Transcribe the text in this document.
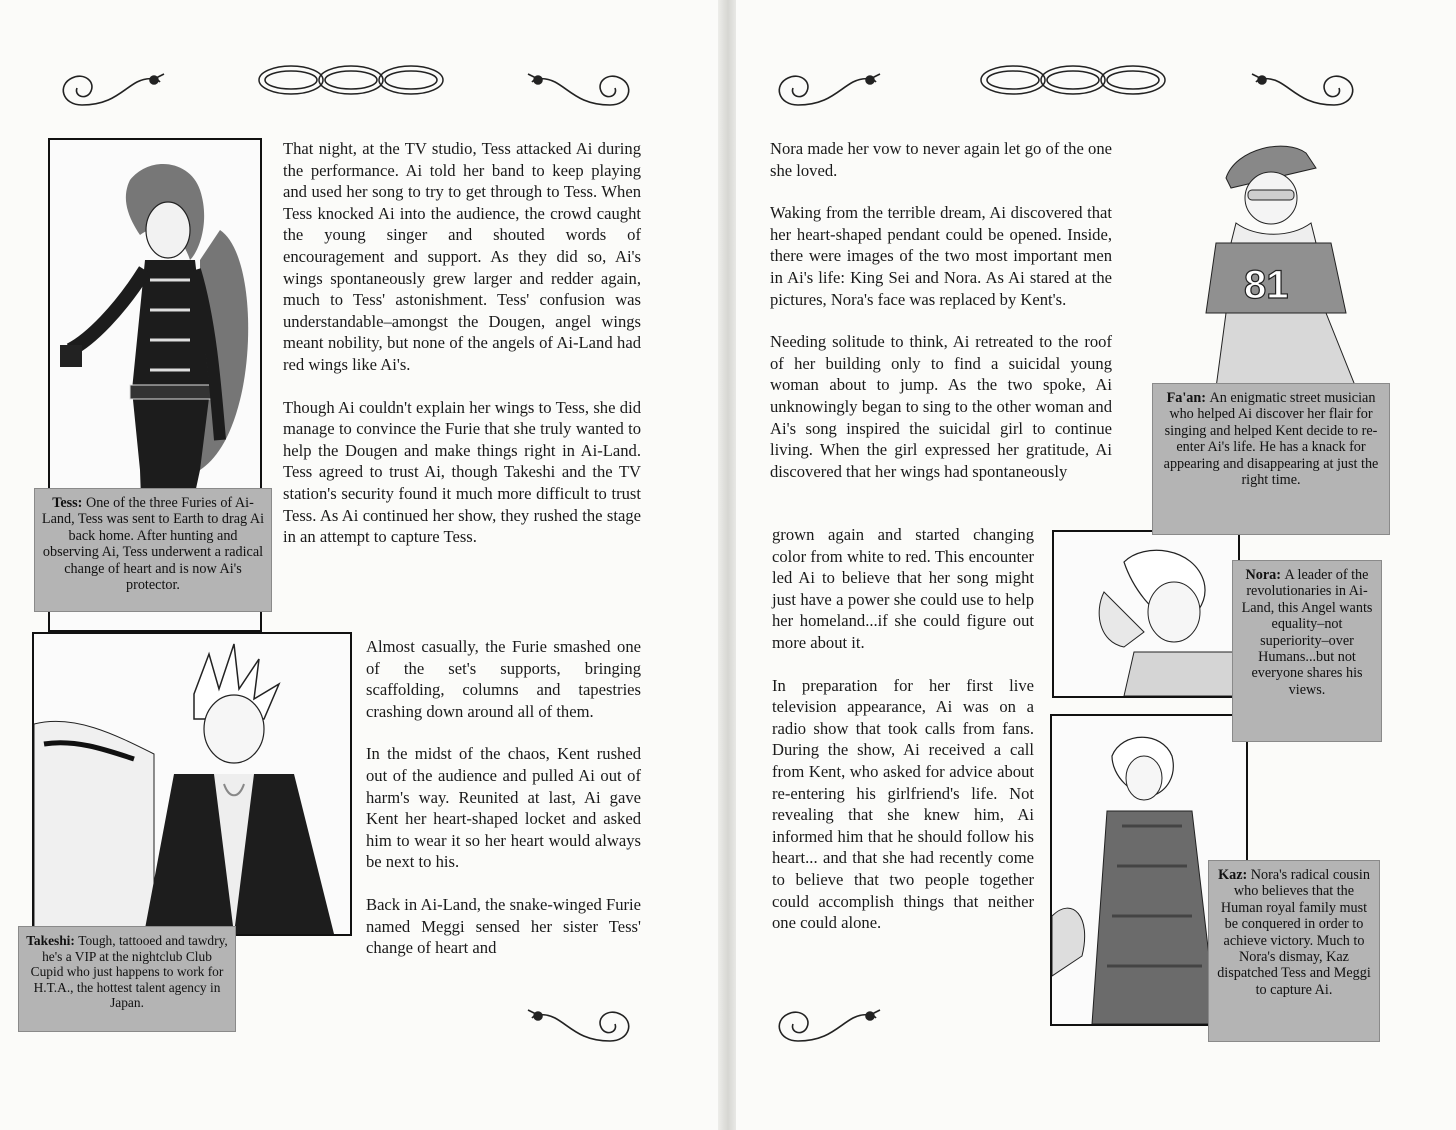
Tess: One of the three Furies of Ai-Land, Tess was sent to Earth to drag Ai back home. After hunting and observing Ai, Tess underwent a radical change of heart and is now Ai's protector.
Takeshi: Tough, tattooed and tawdry, he's a VIP at the nightclub Club Cupid who just happens to work for H.T.A., the hottest talent agency in Japan.

That night, at the TV studio, Tess attacked Ai during the performance. Ai told her band to keep playing and used her song to try to get through to Tess. When Tess knocked Ai into the audience, the crowd caught the young singer and shouted words of encouragement and support. As they did so, Ai's wings spontaneously grew larger and redder again, much to Tess' astonishment. Tess' confusion was understandable–amongst the Dougen, angel wings meant nobility, but none of the angels of Ai-Land had red wings like Ai's.

Though Ai couldn't explain her wings to Tess, she did manage to convince the Furie that she truly wanted to help the Dougen and make things right in Ai-Land. Tess agreed to trust Ai, though Takeshi and the TV station's security found it much more difficult to trust Tess. As Ai continued her show, they rushed the stage in an attempt to capture Tess.

Almost casually, the Furie smashed one of the set's supports, bringing scaffolding, columns and tapestries crashing down around all of them.

In the midst of the chaos, Kent rushed out of the audience and pulled Ai out of harm's way. Reunited at last, Ai gave Kent her heart-shaped locket and asked him to wear it so her heart would always be next to his.

Back in Ai-Land, the snake-winged Furie named Meggi sensed her sister Tess' change of heart and

81
Fa'an: An enigmatic street musician who helped Ai discover her flair for singing and helped Kent decide to re-enter Ai's life. He has a knack for appearing and disappearing at just the right time.
Nora: A leader of the revolutionaries in Ai-Land, this Angel wants equality–not superiority–over Humans...but not everyone shares his views.
Kaz: Nora's radical cousin who believes that the Human royal family must be conquered in order to achieve victory. Much to Nora's dismay, Kaz dispatched Tess and Meggi to capture Ai.

Nora made her vow to never again let go of the one she loved.

Waking from the terrible dream, Ai discovered that her heart-shaped pendant could be opened. Inside, there were images of the two most important men in Ai's life: King Sei and Nora. As Ai stared at the pictures, Nora's face was replaced by Kent's.

Needing solitude to think, Ai retreated to the roof of her building only to find a suicidal young woman about to jump. As the two spoke, Ai unknowingly began to sing to the other woman and Ai's song inspired the suicidal girl to continue living. When the girl expressed her gratitude, Ai discovered that her wings had spontaneously

grown again and started changing color from white to red. This encounter led Ai to believe that her song might just have a power she could use to help her homeland...if she could figure out more about it.

In preparation for her first live television appearance, Ai was on a radio show that took calls from fans. During the show, Ai received a call from Kent, who asked for advice about re-entering his girlfriend's life. Not revealing that she knew him, Ai informed him that he should follow his heart... and that she had recently come to believe that two people together could accomplish things that neither one could alone.
